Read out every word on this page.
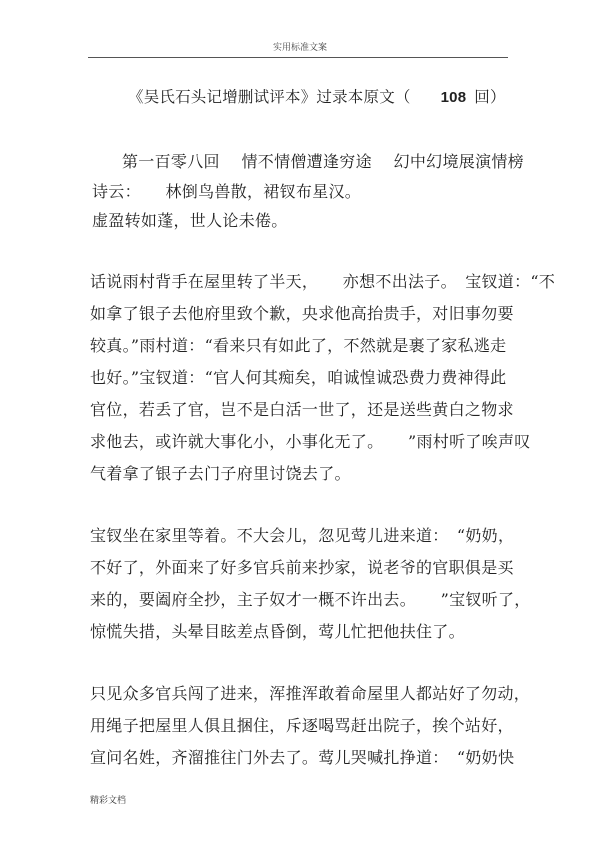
实用标准文案
《吴氏石头记增删试评本》过录本原文（ 108 回）
第一百零八回　 情不情僧遭逢穷途　 幻中幻境展演情榜
诗云：　　林倒鸟兽散，裙钗布星汉。
虚盈转如蓬，世人论未倦。
话说雨村背手在屋里转了半天，　　亦想不出法子。　宝钗道：“不
如拿了银子去他府里致个歉，央求他高抬贵手，对旧事勿要
较真。”雨村道：“看来只有如此了，不然就是裹了家私逃走
也好。”宝钗道：“官人何其痴矣，咱诚惶诚恐费力费神得此
官位，若丢了官，岂不是白活一世了，还是送些黄白之物求
求他去，或许就大事化小，小事化无了。　　”雨村听了唉声叹
气着拿了银子去门子府里讨饶去了。
宝钗坐在家里等着。不大会儿，忽见莺儿进来道：　“奶奶，
不好了，外面来了好多官兵前来抄家，说老爷的官职俱是买
来的，要阖府全抄，主子奴才一概不许出去。　　”宝钗听了，
惊慌失措，头晕目眩差点昏倒，莺儿忙把他扶住了。
只见众多官兵闯了进来，浑推浑敢着命屋里人都站好了勿动，
用绳子把屋里人俱且捆住，斥逐喝骂赶出院子，挨个站好，
宣问名姓，齐溜推往门外去了。莺儿哭喊扎挣道：　“奶奶快
精彩文档
